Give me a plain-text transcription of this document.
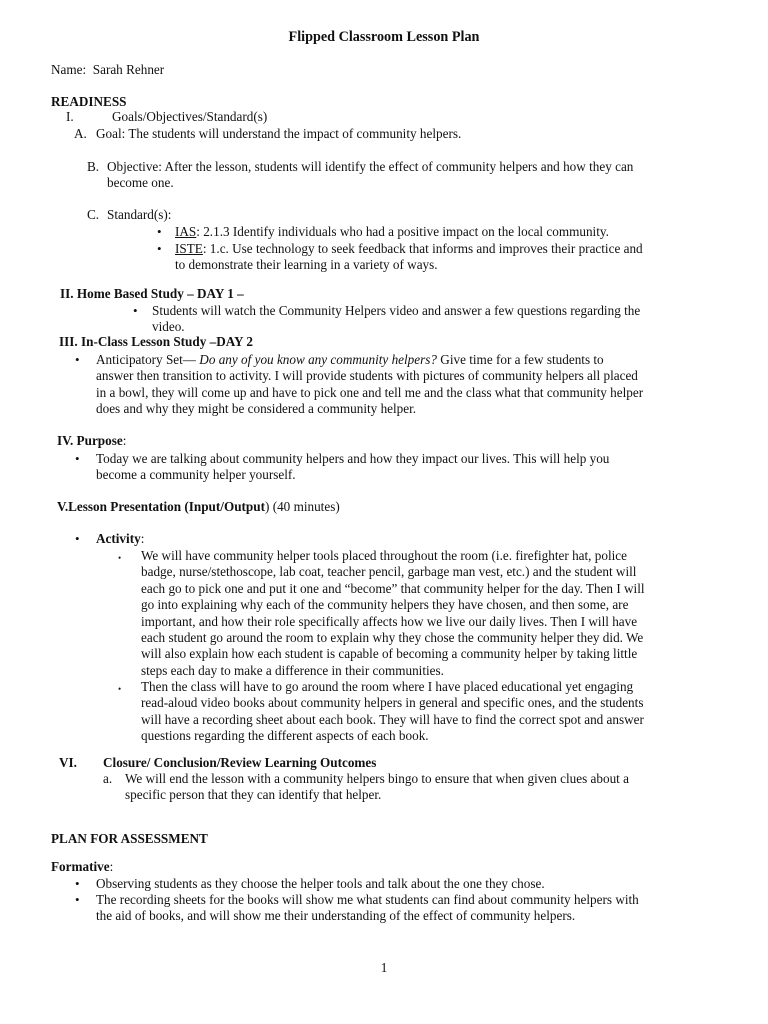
Flipped Classroom Lesson Plan
Name: Sarah Rehner
READINESS
I.	Goals/Objectives/Standard(s)
A. Goal: The students will understand the impact of community helpers.
B. Objective: After the lesson, students will identify the effect of community helpers and how they can
become one.
C. Standard(s):
• IAS: 2.1.3 Identify individuals who had a positive impact on the local community.
• ISTE: 1.c. Use technology to seek feedback that informs and improves their practice and
to demonstrate their learning in a variety of ways.
II. Home Based Study – DAY 1 –
• Students will watch the Community Helpers video and answer a few questions regarding the
video.
III. In-Class Lesson Study –DAY 2
• Anticipatory Set— Do any of you know any community helpers? Give time for a few students to
answer then transition to activity. I will provide students with pictures of community helpers all placed
in a bowl, they will come up and have to pick one and tell me and the class what that community helper
does and why they might be considered a community helper.
IV. Purpose:
• Today we are talking about community helpers and how they impact our lives. This will help you
become a community helper yourself.
V.Lesson Presentation (Input/Output) (40 minutes)
• Activity:
• We will have community helper tools placed throughout the room (i.e. firefighter hat, police
badge, nurse/stethoscope, lab coat, teacher pencil, garbage man vest, etc.) and the student will
each go to pick one and put it one and “become” that community helper for the day. Then I will
go into explaining why each of the community helpers they have chosen, and then some, are
important, and how their role specifically affects how we live our daily lives. Then I will have
each student go around the room to explain why they chose the community helper they did. We
will also explain how each student is capable of becoming a community helper by taking little
steps each day to make a difference in their communities.
• Then the class will have to go around the room where I have placed educational yet engaging
read-aloud video books about community helpers in general and specific ones, and the students
will have a recording sheet about each book. They will have to find the correct spot and answer
questions regarding the different aspects of each book.
VI. Closure/ Conclusion/Review Learning Outcomes
a. We will end the lesson with a community helpers bingo to ensure that when given clues about a
specific person that they can identify that helper.
PLAN FOR ASSESSMENT
Formative:
• Observing students as they choose the helper tools and talk about the one they chose.
• The recording sheets for the books will show me what students can find about community helpers with
the aid of books, and will show me their understanding of the effect of community helpers.
1
